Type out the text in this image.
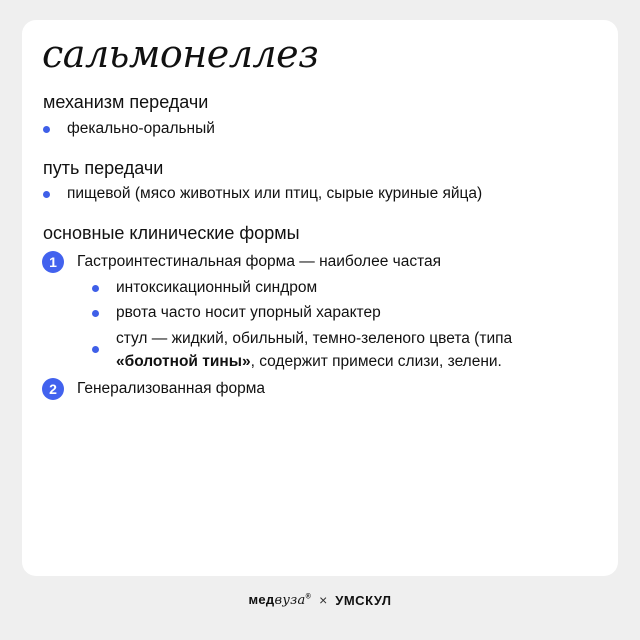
сальмонеллез
механизм передачи
фекально-оральный
путь передачи
пищевой (мясо животных или птиц, сырые куриные яйца)
основные клинические формы
1	Гастроинтестинальная форма — наиболее частая
интоксикационный синдром
рвота часто носит упорный характер
стул — жидкий, обильный, темно-зеленого цвета (типа
«болотной тины», содержит примеси слизи, зелени.
2	Генерализованная форма
медвуза® × УМСКУЛ
